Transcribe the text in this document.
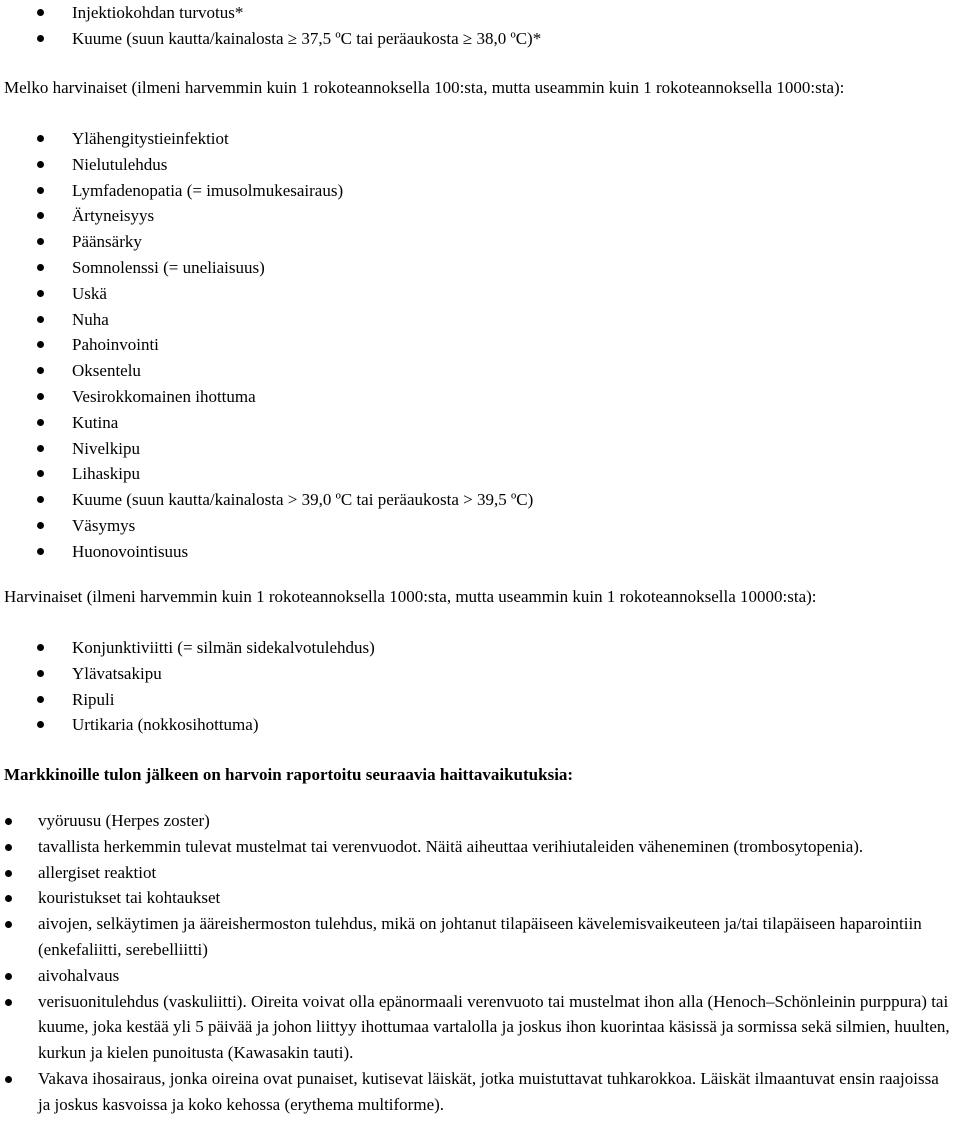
Injektiokohdan turvotus*
Kuume (suun kautta/kainalosta ≥ 37,5 ºC tai peräaukosta ≥ 38,0 ºC)*

Melko harvinaiset (ilmeni harvemmin kuin 1 rokoteannoksella 100:sta, mutta useammin kuin 1 rokoteannoksella 1000:sta):

Ylähengitystieinfektiot
Nielutulehdus
Lymfadenopatia (= imusolmukesairaus)
Ärtyneisyys
Päänsärky
Somnolenssi (= uneliaisuus)
Uskä
Nuha
Pahoinvointi
Oksentelu
Vesirokkomainen ihottuma
Kutina
Nivelkipu
Lihaskipu
Kuume (suun kautta/kainalosta > 39,0 ºC tai peräaukosta > 39,5 ºC)
Väsymys
Huonovointisuus

Harvinaiset (ilmeni harvemmin kuin 1 rokoteannoksella 1000:sta, mutta useammin kuin 1 rokoteannoksella 10000:sta):

Konjunktiviitti (= silmän sidekalvotulehdus)
Ylävatsakipu
Ripuli
Urtikaria (nokkosihottuma)

Markkinoille tulon jälkeen on harvoin raportoitu seuraavia haittavaikutuksia:

vyöruusu (Herpes zoster)
tavallista herkemmin tulevat mustelmat tai verenvuodot. Näitä aiheuttaa verihiutaleiden väheneminen (trombosytopenia).
allergiset reaktiot
kouristukset tai kohtaukset
aivojen, selkäytimen ja ääreishermoston tulehdus, mikä on johtanut tilapäiseen kävelemisvaikeuteen ja/tai tilapäiseen haparointiin (enkefaliitti, serebelliitti)
aivohalvaus
verisuonitulehdus (vaskuliitti). Oireita voivat olla epänormaali verenvuoto tai mustelmat ihon alla (Henoch–Schönleinin purppura) tai kuume, joka kestää yli 5 päivää ja johon liittyy ihottumaa vartalolla ja joskus ihon kuorintaa käsissä ja sormissa sekä silmien, huulten, kurkun ja kielen punoitusta (Kawasakin tauti).
Vakava ihosairaus, jonka oireina ovat punaiset, kutisevat läiskät, jotka muistuttavat tuhkarokkoa. Läiskät ilmaantuvat ensin raajoissa ja joskus kasvoissa ja koko kehossa (erythema multiforme).
